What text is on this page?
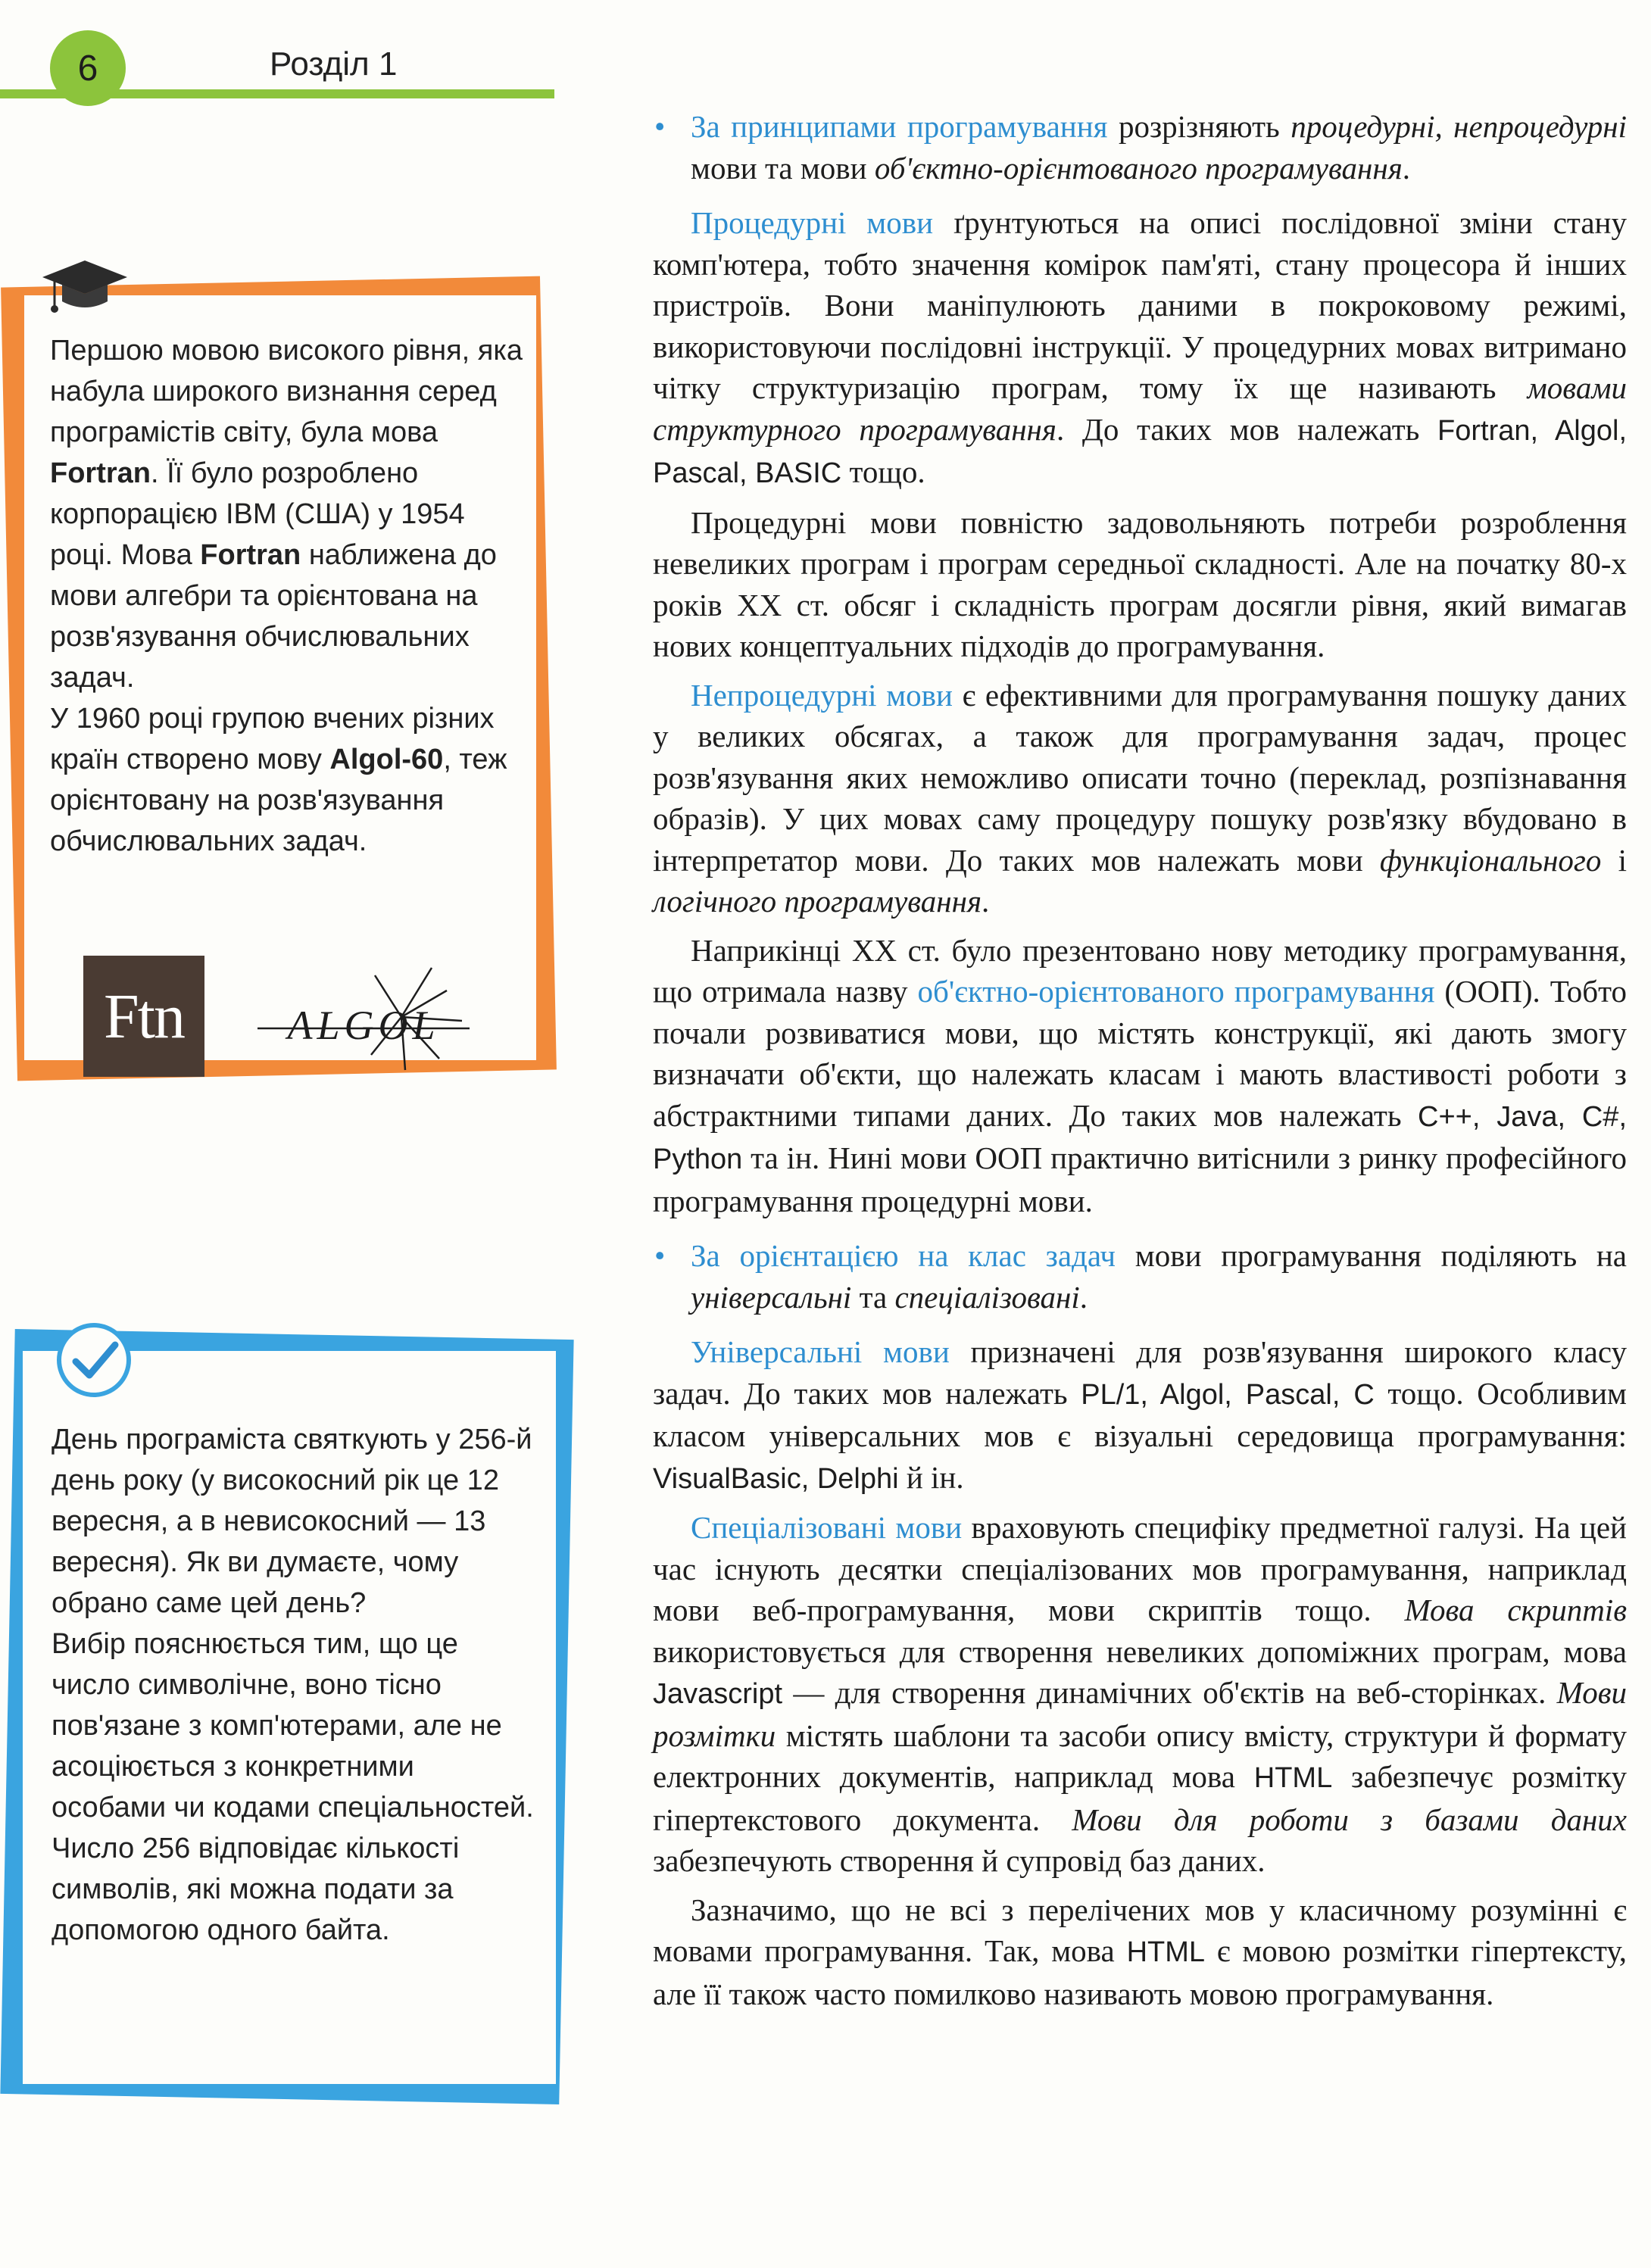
6	Розділ 1
Першою мовою високого рівня, яка набула широкого визнання серед програмістів світу, була мова Fortran. Її було розроблено корпорацією IBM (США) у 1954 році. Мова Fortran наближена до мови алгебри та орієнтована на розв'язування обчислювальних задач.
У 1960 році групою вчених різних країн створено мову Algol-60, теж орієнтовану на розв'язування обчислювальних задач.
Ftn	ALGOL
День програміста святкують у 256-й день року (у високосний рік це 12 вересня, а в невисокосний — 13 вересня). Як ви думаєте, чому обрано саме цей день?
Вибір пояснюється тим, що це число символічне, воно тісно пов'язане з комп'ютерами, але не асоціюється з конкретними особами чи кодами спеціальностей. Число 256 відповідає кількості символів, які можна подати за допомогою одного байта.

• За принципами програмування розрізняють процедурні, непроцедурні мови та мови об'єктно-орієнтованого програмування.

Процедурні мови ґрунтуються на описі послідовної зміни стану комп'ютера, тобто значення комірок пам'яті, стану процесора й інших пристроїв. Вони маніпулюють даними в покроковому режимі, використовуючи послідовні інструкції. У процедурних мовах витримано чітку структуризацію програм, тому їх ще називають мовами структурного програмування. До таких мов належать Fortran, Algol, Pascal, BASIC тощо.

Процедурні мови повністю задовольняють потреби розроблення невеликих програм і програм середньої складності. Але на початку 80-х років XX ст. обсяг і складність програм досягли рівня, який вимагав нових концептуальних підходів до програмування.

Непроцедурні мови є ефективними для програмування пошуку даних у великих обсягах, а також для програмування задач, процес розв'язування яких неможливо описати точно (переклад, розпізнавання образів). У цих мовах саму процедуру пошуку розв'язку вбудовано в інтерпретатор мови. До таких мов належать мови функціонального і логічного програмування.

Наприкінці XX ст. було презентовано нову методику програмування, що отримала назву об'єктно-орієнтованого програмування (ООП). Тобто почали розвиватися мови, що містять конструкції, які дають змогу визначати об'єкти, що належать класам і мають властивості роботи з абстрактними типами даних. До таких мов належать C++, Java, C#, Python та ін. Нині мови ООП практично витіснили з ринку професійного програмування процедурні мови.

• За орієнтацією на клас задач мови програмування поділяють на універсальні та спеціалізовані.

Універсальні мови призначені для розв'язування широкого класу задач. До таких мов належать PL/1, Algol, Pascal, C тощо. Особливим класом універсальних мов є візуальні середовища програмування: VisualBasic, Delphi й ін.

Спеціалізовані мови враховують специфіку предметної галузі. На цей час існують десятки спеціалізованих мов програмування, наприклад мови веб-програмування, мови скриптів тощо. Мова скриптів використовується для створення невеликих допоміжних програм, мова Javascript — для створення динамічних об'єктів на веб-сторінках. Мови розмітки містять шаблони та засоби опису вмісту, структури й формату електронних документів, наприклад мова HTML забезпечує розмітку гіпертекстового документа. Мови для роботи з базами даних забезпечують створення й супровід баз даних.

Зазначимо, що не всі з перелічених мов у класичному розумінні є мовами програмування. Так, мова HTML є мовою розмітки гіпертексту, але її також часто помилково називають мовою програмування.
